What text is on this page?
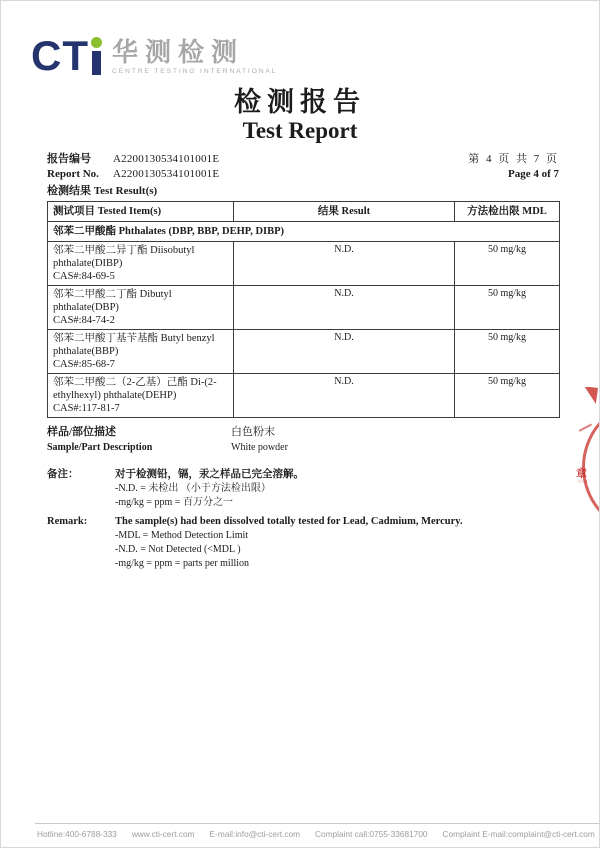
CT 华测检测
CENTRE TESTING INTERNATIONAL
检测报告
Test Report
报告编号	A2200130534101001E
Report No.	A2200130534101001E
第 4 页 共 7 页
Page 4 of 7
检测结果 Test Result(s)
测试项目 Tested Item(s)	结果 Result	方法检出限 MDL
邻苯二甲酸酯 Phthalates (DBP, BBP, DEHP, DIBP)		

邻苯二甲酸二异丁酯 Diisobutyl phthalate(DIBP)
CAS#:84-69-5	N.D.	50 mg/kg

邻苯二甲酸二丁酯 Dibutyl phthalate(DBP)
CAS#:84-74-2	N.D.	50 mg/kg

邻苯二甲酸丁基苄基酯 Butyl benzyl phthalate(BBP)
CAS#:85-68-7	N.D.	50 mg/kg

邻苯二甲酸二（2-乙基）己酯 Di-(2-ethylhexyl) phthalate(DEHP)
CAS#:117-81-7	N.D.	50 mg/kg
样品/部位描述
Sample/Part Description
白色粉末
White powder
备注：	对于检测铅，镉，汞之样品已完全溶解。
-N.D. = 未检出 （小于方法检出限）
-mg/kg = ppm = 百万分之一
Remark:	The sample(s) had been dissolved totally tested for Lead, Cadmium, Mercury.
-MDL = Method Detection Limit
-N.D. = Not Detected (<MDL )
-mg/kg = ppm = parts per million
章
VOB
Hotline:400-6788-333 www.cti-cert.com E-mail:info@cti-cert.com Complaint call:0755-33681700 Complaint E-mail:complaint@cti-cert.com
